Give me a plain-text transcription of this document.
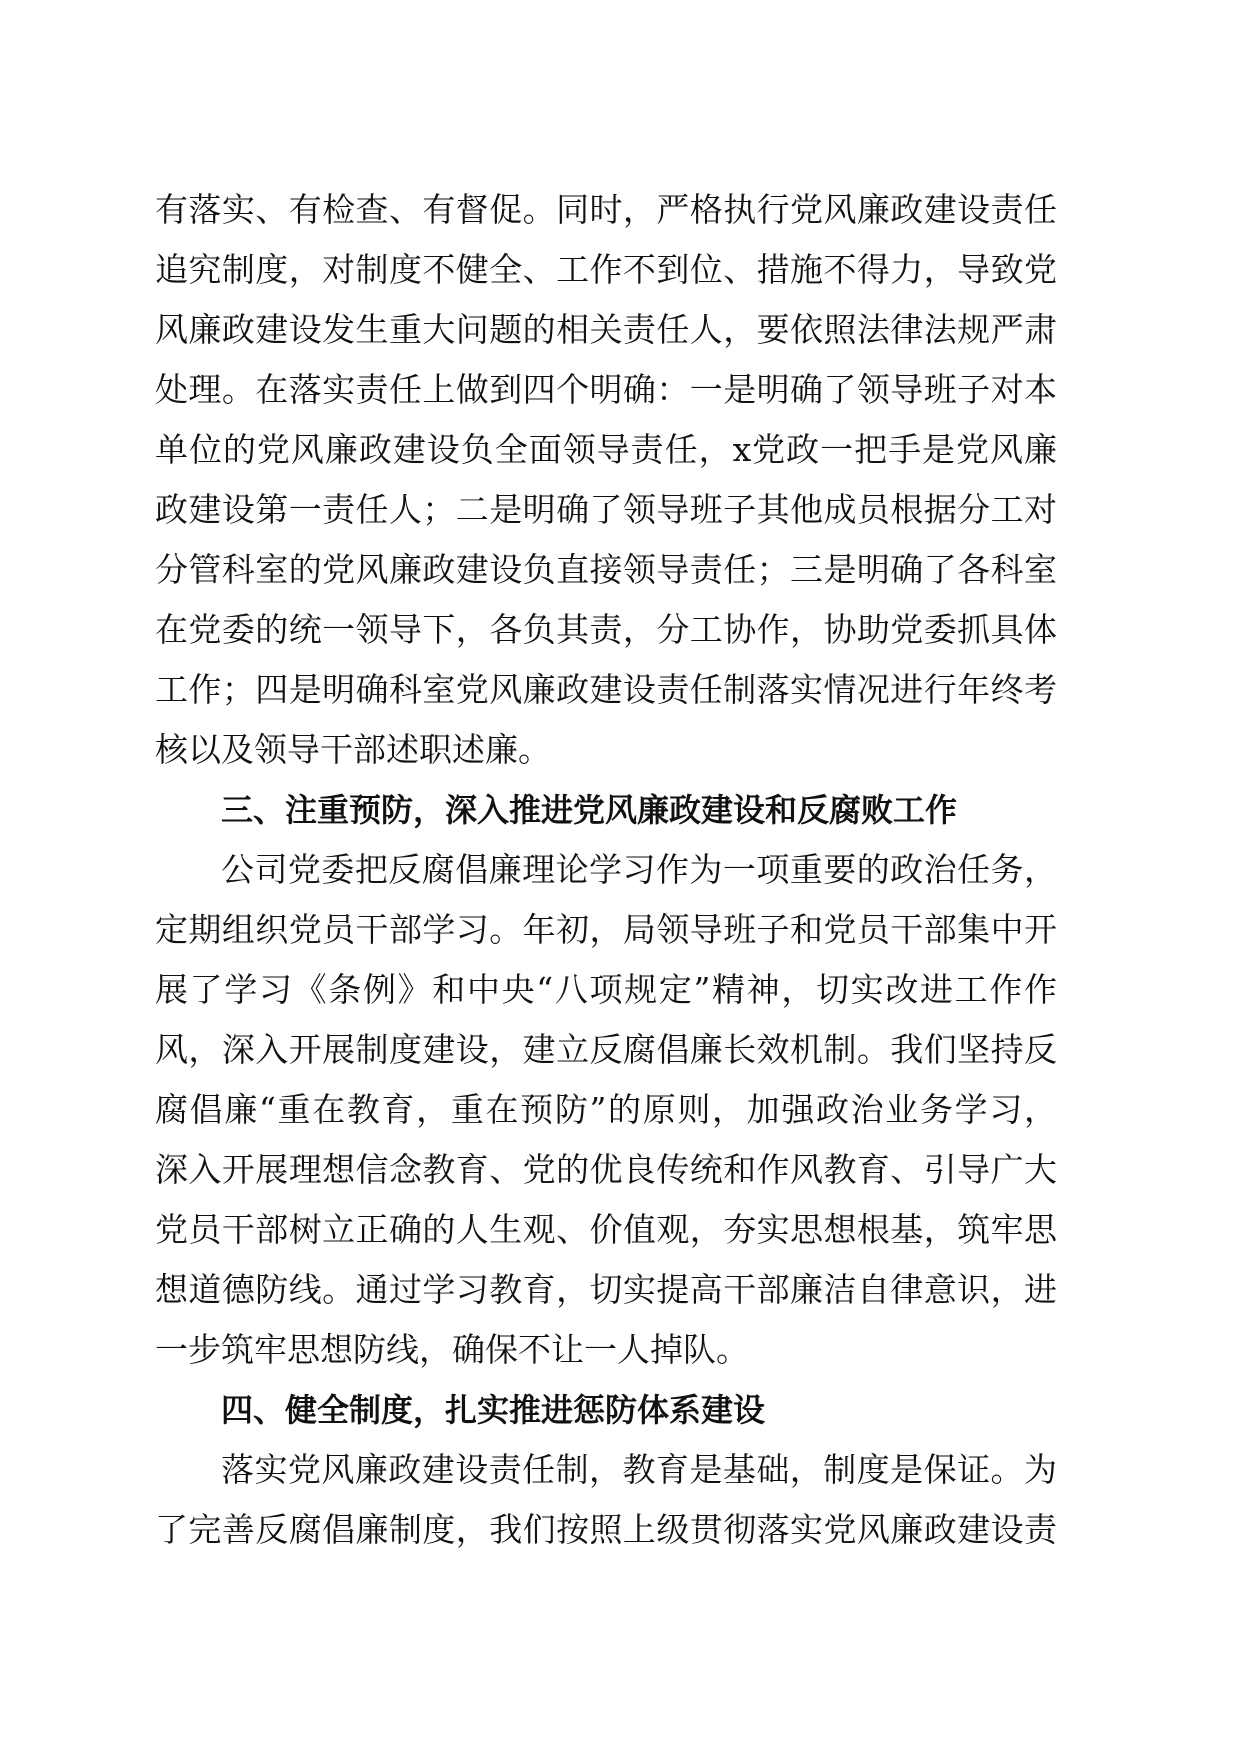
有落实、有检查、有督促。同时，严格执行党风廉政建设责任
追究制度，对制度不健全、工作不到位、措施不得力，导致党
风廉政建设发生重大问题的相关责任人，要依照法律法规严肃
处理。在落实责任上做到四个明确：一是明确了领导班子对本
单位的党风廉政建设负全面领导责任，x党政一把手是党风廉
政建设第一责任人；二是明确了领导班子其他成员根据分工对
分管科室的党风廉政建设负直接领导责任；三是明确了各科室
在党委的统一领导下，各负其责，分工协作，协助党委抓具体
工作；四是明确科室党风廉政建设责任制落实情况进行年终考
核以及领导干部述职述廉。
三、注重预防，深入推进党风廉政建设和反腐败工作
公司党委把反腐倡廉理论学习作为一项重要的政治任务，
定期组织党员干部学习。年初，局领导班子和党员干部集中开
展了学习《条例》和中央“八项规定”精神，切实改进工作作
风，深入开展制度建设，建立反腐倡廉长效机制。我们坚持反
腐倡廉“重在教育，重在预防”的原则，加强政治业务学习，
深入开展理想信念教育、党的优良传统和作风教育、引导广大
党员干部树立正确的人生观、价值观，夯实思想根基，筑牢思
想道德防线。通过学习教育，切实提高干部廉洁自律意识，进
一步筑牢思想防线，确保不让一人掉队。
四、健全制度，扎实推进惩防体系建设
落实党风廉政建设责任制，教育是基础，制度是保证。为
了完善反腐倡廉制度，我们按照上级贯彻落实党风廉政建设责
